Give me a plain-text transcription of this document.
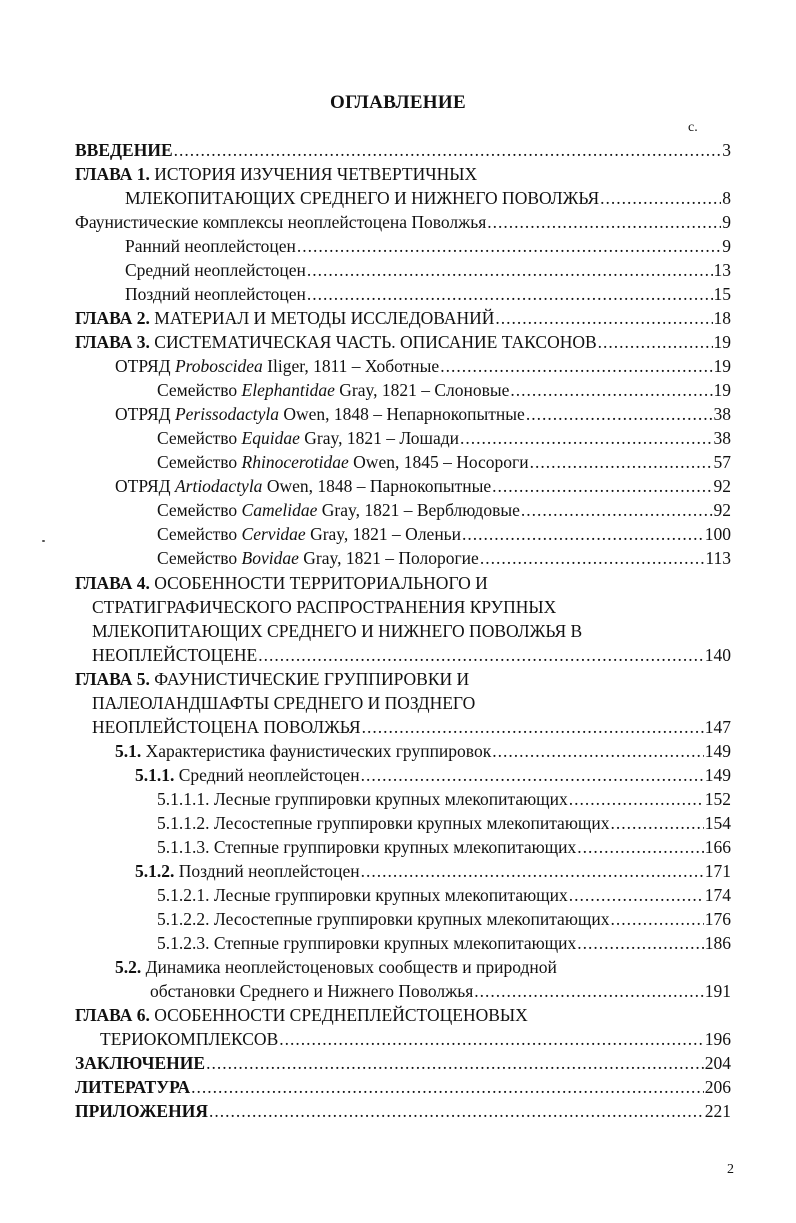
ОГЛАВЛЕНИЕ
с.
ВВЕДЕНИЕ .....	3
ГЛАВА 1. ИСТОРИЯ ИЗУЧЕНИЯ ЧЕТВЕРТИЧНЫХ
МЛЕКОПИТАЮЩИХ СРЕДНЕГО И НИЖНЕГО ПОВОЛЖЬЯ .....	8
Фаунистические комплексы неоплейстоцена Поволжья .....	9
Ранний неоплейстоцен .....	9
Средний неоплейстоцен .....	13
Поздний неоплейстоцен .....	15
ГЛАВА 2. МАТЕРИАЛ И МЕТОДЫ ИССЛЕДОВАНИЙ .....	18
ГЛАВА 3. СИСТЕМАТИЧЕСКАЯ ЧАСТЬ. ОПИСАНИЕ ТАКСОНОВ .....	19
ОТРЯД Proboscidea Iliger, 1811 – Хоботные .....	19
Семейство Elephantidae Gray, 1821 – Слоновые .....	19
ОТРЯД Perissodactyla Owen, 1848 – Непарнокопытные .....	38
Семейство Equidae Gray, 1821 – Лошади .....	38
Семейство Rhinocerotidae Owen, 1845 – Носороги .....	57
ОТРЯД Artiodactyla Owen, 1848 – Парнокопытные .....	92
Семейство Camelidae Gray, 1821 – Верблюдовые .....	92
Семейство Cervidae Gray, 1821 – Оленьи .....	100
Семейство Bovidae Gray, 1821 – Полорогие .....	113
ГЛАВА 4. ОСОБЕННОСТИ ТЕРРИТОРИАЛЬНОГО И
СТРАТИГРАФИЧЕСКОГО РАСПРОСТРАНЕНИЯ КРУПНЫХ
МЛЕКОПИТАЮЩИХ СРЕДНЕГО И НИЖНЕГО ПОВОЛЖЬЯ В
НЕОПЛЕЙСТОЦЕНЕ .....	140
ГЛАВА 5. ФАУНИСТИЧЕСКИЕ ГРУППИРОВКИ И
ПАЛЕОЛАНДШАФТЫ СРЕДНЕГО И ПОЗДНЕГО
НЕОПЛЕЙСТОЦЕНА ПОВОЛЖЬЯ .....	147
5.1. Характеристика фаунистических группировок .....	149
5.1.1. Средний неоплейстоцен .....	149
5.1.1.1. Лесные группировки крупных млекопитающих .....	152
5.1.1.2. Лесостепные группировки крупных млекопитающих .....	154
5.1.1.3. Степные группировки крупных млекопитающих .....	166
5.1.2. Поздний неоплейстоцен .....	171
5.1.2.1. Лесные группировки крупных млекопитающих .....	174
5.1.2.2. Лесостепные группировки крупных млекопитающих .....	176
5.1.2.3. Степные группировки крупных млекопитающих .....	186
5.2. Динамика неоплейстоценовых сообществ и природной
обстановки Среднего и Нижнего Поволжья .....	191
ГЛАВА 6. ОСОБЕННОСТИ СРЕДНЕПЛЕЙСТОЦЕНОВЫХ
ТЕРИОКОМПЛЕКСОВ .....	196
ЗАКЛЮЧЕНИЕ .....	204
ЛИТЕРАТУРА .....	206
ПРИЛОЖЕНИЯ .....	221
2
